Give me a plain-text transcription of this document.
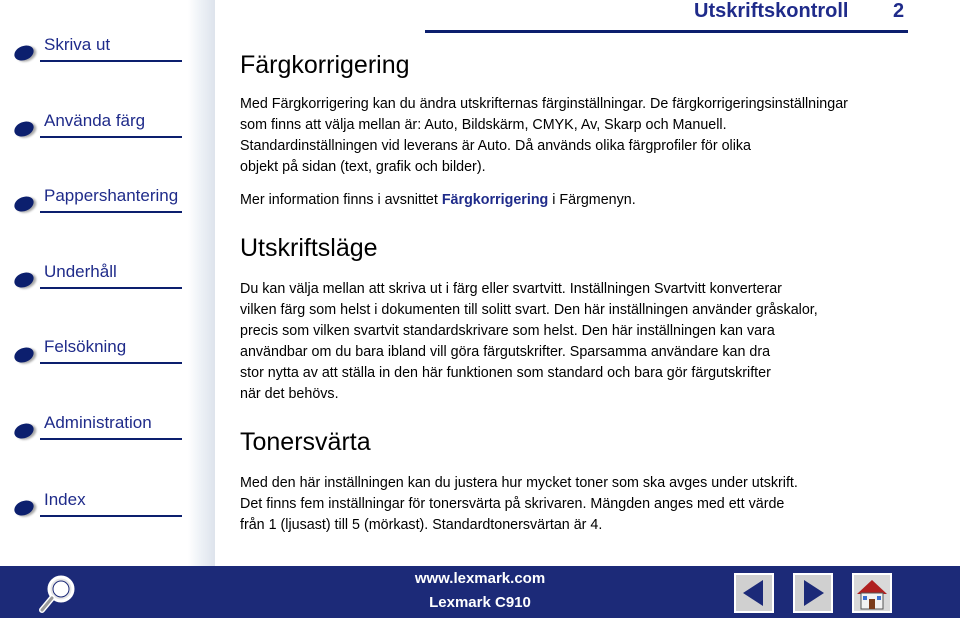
Skriva ut
Använda färg
Pappershantering
Underhåll
Felsökning
Administration
Index
Utskriftskontroll 2
Färgkorrigering

Med Färgkorrigering kan du ändra utskrifternas färginställningar. De färgkorrigeringsinställningar

som finns att välja mellan är: Auto, Bildskärm, CMYK, Av, Skarp och Manuell.

Standardinställningen vid leverans är Auto. Då används olika färgprofiler för olika

objekt på sidan (text, grafik och bilder).

Mer information finns i avsnittet Färgkorrigering i Färgmenyn.

Utskriftsläge

Du kan välja mellan att skriva ut i färg eller svartvitt. Inställningen Svartvitt konverterar

vilken färg som helst i dokumenten till solitt svart. Den här inställningen använder gråskalor,

precis som vilken svartvit standardskrivare som helst. Den här inställningen kan vara

användbar om du bara ibland vill göra färgutskrifter. Sparsamma användare kan dra

stor nytta av att ställa in den här funktionen som standard och bara gör färgutskrifter

när det behövs.

Tonersvärta

Med den här inställningen kan du justera hur mycket toner som ska avges under utskrift.

Det finns fem inställningar för tonersvärta på skrivaren. Mängden anges med ett värde

från 1 (ljusast) till 5 (mörkast). Standardtonersvärtan är 4.

www.lexmark.com
Lexmark C910
